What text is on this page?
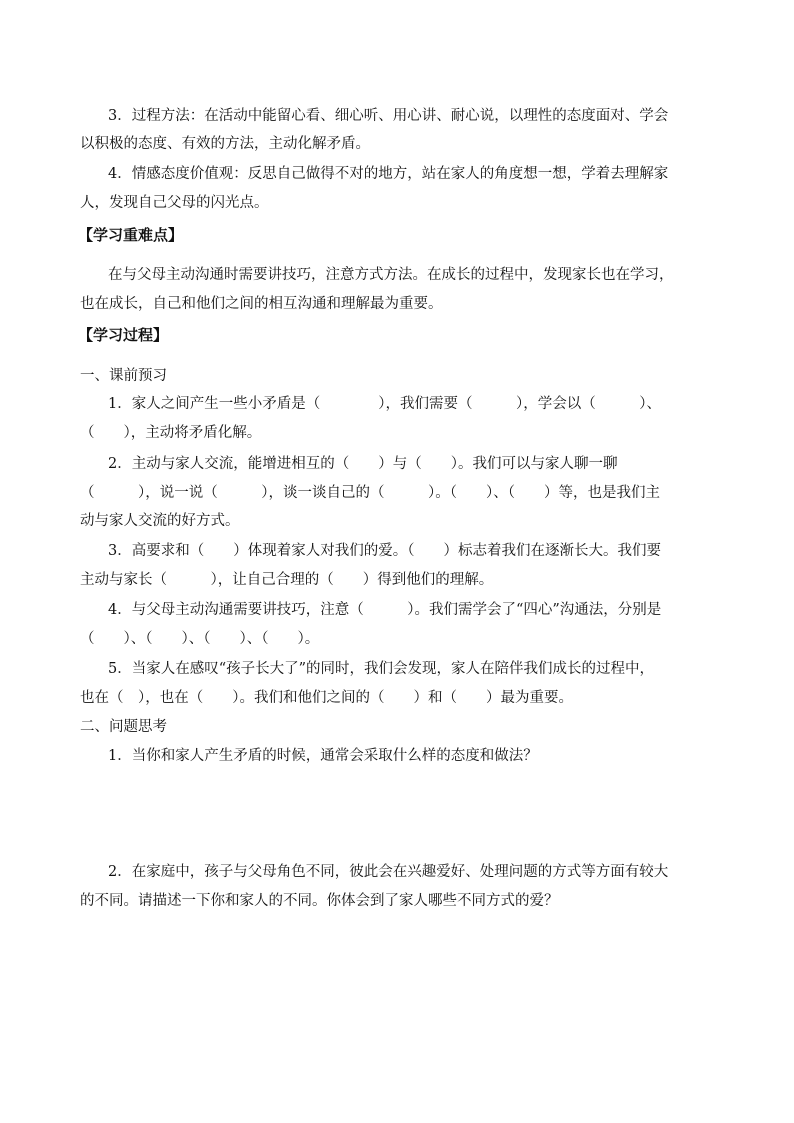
3．过程方法：在活动中能留心看、细心听、用心讲、耐心说，以理性的态度面对、学会
以积极的态度、有效的方法，主动化解矛盾。
4．情感态度价值观：反思自己做得不对的地方，站在家人的角度想一想，学着去理解家
人，发现自己父母的闪光点。
【学习重难点】
在与父母主动沟通时需要讲技巧，注意方式方法。在成长的过程中，发现家长也在学习，
也在成长，自己和他们之间的相互沟通和理解最为重要。
【学习过程】
一、课前预习
1．家人之间产生一些小矛盾是（　　　　），我们需要（　　　），学会以（　　　）、
（　　），主动将矛盾化解。
2．主动与家人交流，能增进相互的（　　）与（　　）。我们可以与家人聊一聊
（　　　），说一说（　　　），谈一谈自己的（　　　）。（　　）、（　　）等，也是我们主
动与家人交流的好方式。
3．高要求和（　　）体现着家人对我们的爱。（　　）标志着我们在逐渐长大。我们要
主动与家长（　　　），让自己合理的（　　）得到他们的理解。
4．与父母主动沟通需要讲技巧，注意（　　　）。我们需学会了“四心”沟通法，分别是
（　　）、（　　）、（　　）、（　　）。
5．当家人在感叹“孩子长大了”的同时，我们会发现，家人在陪伴我们成长的过程中，
也在（　），也在（　　）。我们和他们之间的（　　）和（　　）最为重要。
二、问题思考
1．当你和家人产生矛盾的时候，通常会采取什么样的态度和做法？
2．在家庭中，孩子与父母角色不同，彼此会在兴趣爱好、处理问题的方式等方面有较大
的不同。请描述一下你和家人的不同。你体会到了家人哪些不同方式的爱？
